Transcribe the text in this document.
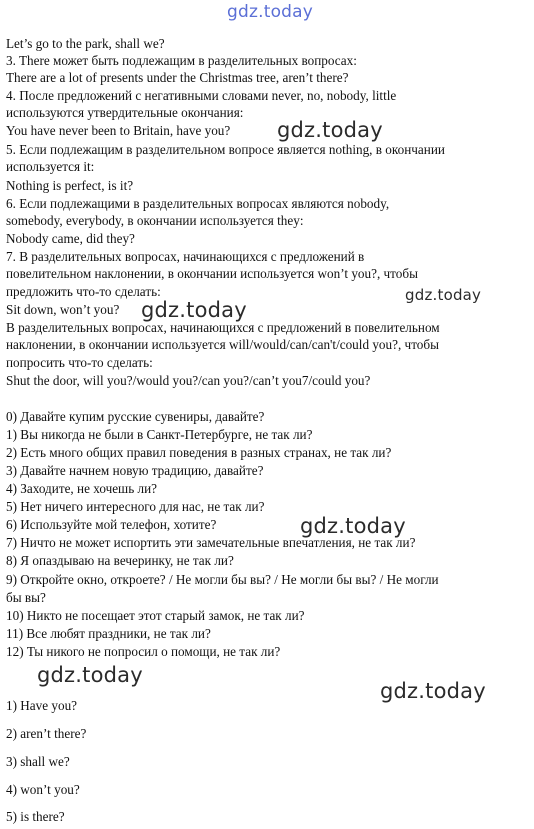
gdz.today
Let’s go to the park, shall we?
3. There может быть подлежащим в разделительных вопросах:
There are a lot of presents under the Christmas tree, aren’t there?
4. После предложений с негативными словами never, no, nobody, little
используются утвердительные окончания:
You have never been to Britain, have you?
5. Если подлежащим в разделительном вопросе является nothing, в окончании
используется it:
Nothing is perfect, is it?
6. Если подлежащими в разделительных вопросах являются nobody,
somebody, everybody, в окончании используется they:
Nobody came, did they?
7. В разделительных вопросах, начинающихся с предложений в
повелительном наклонении, в окончании используется won’t you?, чтобы
предложить что-то сделать:
Sit down, won’t you?
В разделительных вопросах, начинающихся с предложений в повелительном
наклонении, в окончании используется will/would/can/can't/could you?, чтобы
попросить что-то сделать:
Shut the door, will you?/would you?/can you?/can’t you7/could you?
0) Давайте купим русские сувениры, давайте?
1) Вы никогда не были в Санкт-Петербурге, не так ли?
2) Есть много общих правил поведения в разных странах, не так ли?
3) Давайте начнем новую традицию, давайте?
4) Заходите, не хочешь ли?
5) Нет ничего интересного для нас, не так ли?
6) Используйте мой телефон, хотите?
7) Ничто не может испортить эти замечательные впечатления, не так ли?
8) Я опаздываю на вечеринку, не так ли?
9) Откройте окно, откроете? / Не могли бы вы? / Не могли бы вы? / Не могли
бы вы?
10) Никто не посещает этот старый замок, не так ли?
11) Все любят праздники, не так ли?
12) Ты никого не попросил о помощи, не так ли?
1) Have you?
2) aren’t there?
3) shall we?
4) won’t you?
5) is there?
gdz.today
gdz.today
gdz.today
gdz.today
gdz.today
gdz.today
